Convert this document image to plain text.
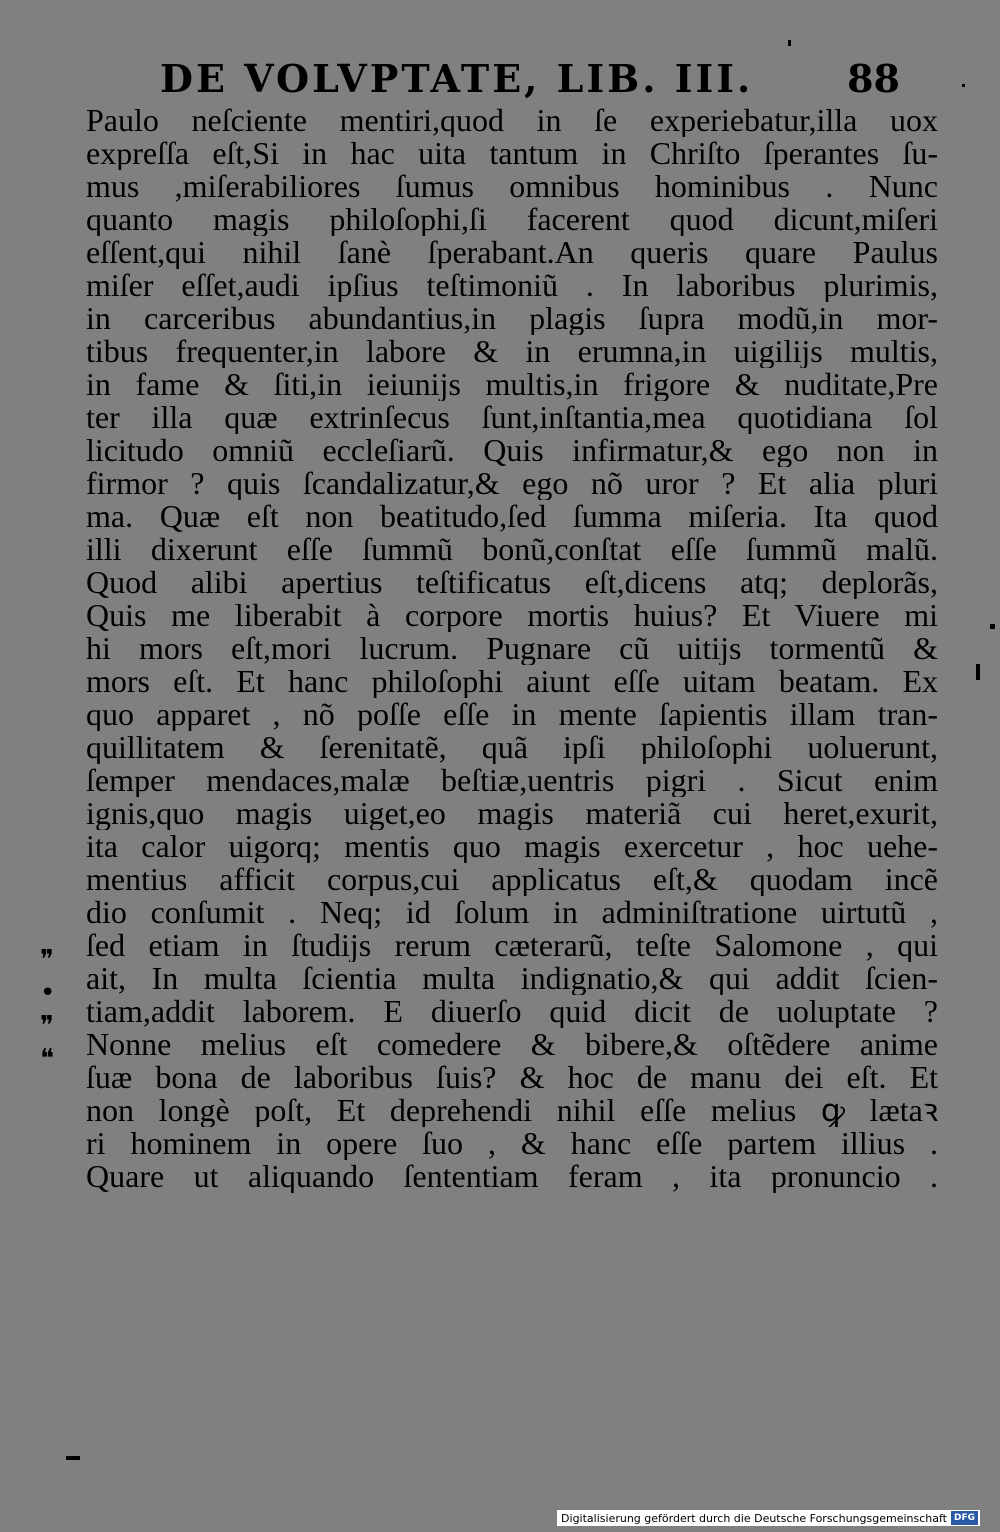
DE VOLVPTATE, LIB. III. 88
Paulo neſciente mentiri,quod in ſe experiebatur,illa uox
expreſſa eſt,Si in hac uita tantum in Chriſto ſperantes ſu-
mus ,miſerabiliores ſumus omnibus hominibus . Nunc
quanto magis philoſophi,ſi facerent quod dicunt,miſeri
eſſent,qui nihil ſanè ſperabant.An queris quare Paulus
miſer eſſet,audi ipſius teſtimoniũ . In laboribus plurimis,
in carceribus abundantius,in plagis ſupra modũ,in mor-
tibus frequenter,in labore & in erumna,in uigilijs multis,
in fame & ſiti,in ieiunijs multis,in frigore & nuditate,Pre
ter illa quæ extrinſecus ſunt,inſtantia,mea quotidiana ſol
licitudo omniũ eccleſiarũ. Quis infirmatur,& ego non in
firmor ? quis ſcandalizatur,& ego nõ uror ? Et alia pluri
ma. Quæ eſt non beatitudo,ſed ſumma miſeria. Ita quod
illi dixerunt eſſe ſummũ bonũ,conſtat eſſe ſummũ malũ.
Quod alibi apertius teſtificatus eſt,dicens atq; deplorãs,
Quis me liberabit à corpore mortis huius? Et Viuere mi
hi mors eſt,mori lucrum. Pugnare cũ uitijs tormentũ &
mors eſt. Et hanc philoſophi aiunt eſſe uitam beatam. Ex
quo apparet , nõ poſſe eſſe in mente ſapientis illam tran-
quillitatem & ſerenitatẽ, quã ipſi philoſophi uoluerunt,
ſemper mendaces,malæ beſtiæ,uentris pigri . Sicut enim
ignis,quo magis uiget,eo magis materiã cui heret,exurit,
ita calor uigorq; mentis quo magis exercetur , hoc uehe-
mentius afficit corpus,cui applicatus eſt,& quodam incẽ
dio conſumit . Neq; id ſolum in adminiſtratione uirtutũ ,
ſed etiam in ſtudijs rerum cæterarũ, teſte Salomone , qui
ait, In multa ſcientia multa indignatio,& qui addit ſcien-
tiam,addit laborem. E diuerſo quid dicit de uoluptate ?
Nonne melius eſt comedere & bibere,& oſtẽdere anime
ſuæ bona de laboribus ſuis? & hoc de manu dei eſt. Et
non longè poſt, Et deprehendi nihil eſſe melius ꝙ lætaꝛ
ri hominem in opere ſuo , & hanc eſſe partem illius .
Quare ut aliquando ſententiam feram , ita pronuncio .
❞
•
❞
❝
Digitalisierung gefördert durch die Deutsche Forschungsgemeinschaft DFG
